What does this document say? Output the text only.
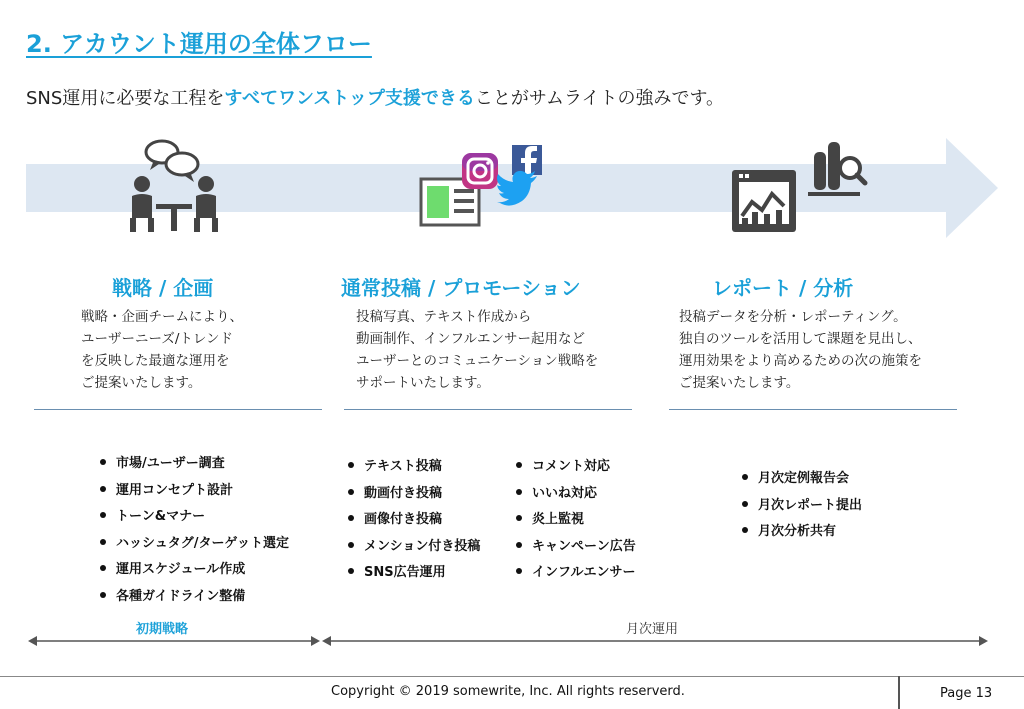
2. アカウント運用の全体フロー
SNS運用に必要な工程をすべてワンストップ支援できることがサムライトの強みです。
戦略 / 企画
戦略・企画チームにより、
ユーザーニーズ/トレンド
を反映した最適な運用を
ご提案いたします。
市場/ユーザー調査
運用コンセプト設計
トーン&マナー
ハッシュタグ/ターゲット選定
運用スケジュール作成
各種ガイドライン整備
通常投稿 / プロモーション
投稿写真、テキスト作成から
動画制作、インフルエンサー起用など
ユーザーとのコミュニケーション戦略を
サポートいたします。
テキスト投稿
動画付き投稿
画像付き投稿
メンション付き投稿
SNS広告運用
コメント対応
いいね対応
炎上監視
キャンペーン広告
インフルエンサー
レポート / 分析
投稿データを分析・レポーティング。
独自のツールを活用して課題を見出し、
運用効果をより高めるための次の施策を
ご提案いたします。
月次定例報告会
月次レポート提出
月次分析共有
初期戦略	月次運用
Copyright © 2019 somewrite, Inc. All rights reserverd.	Page 13
